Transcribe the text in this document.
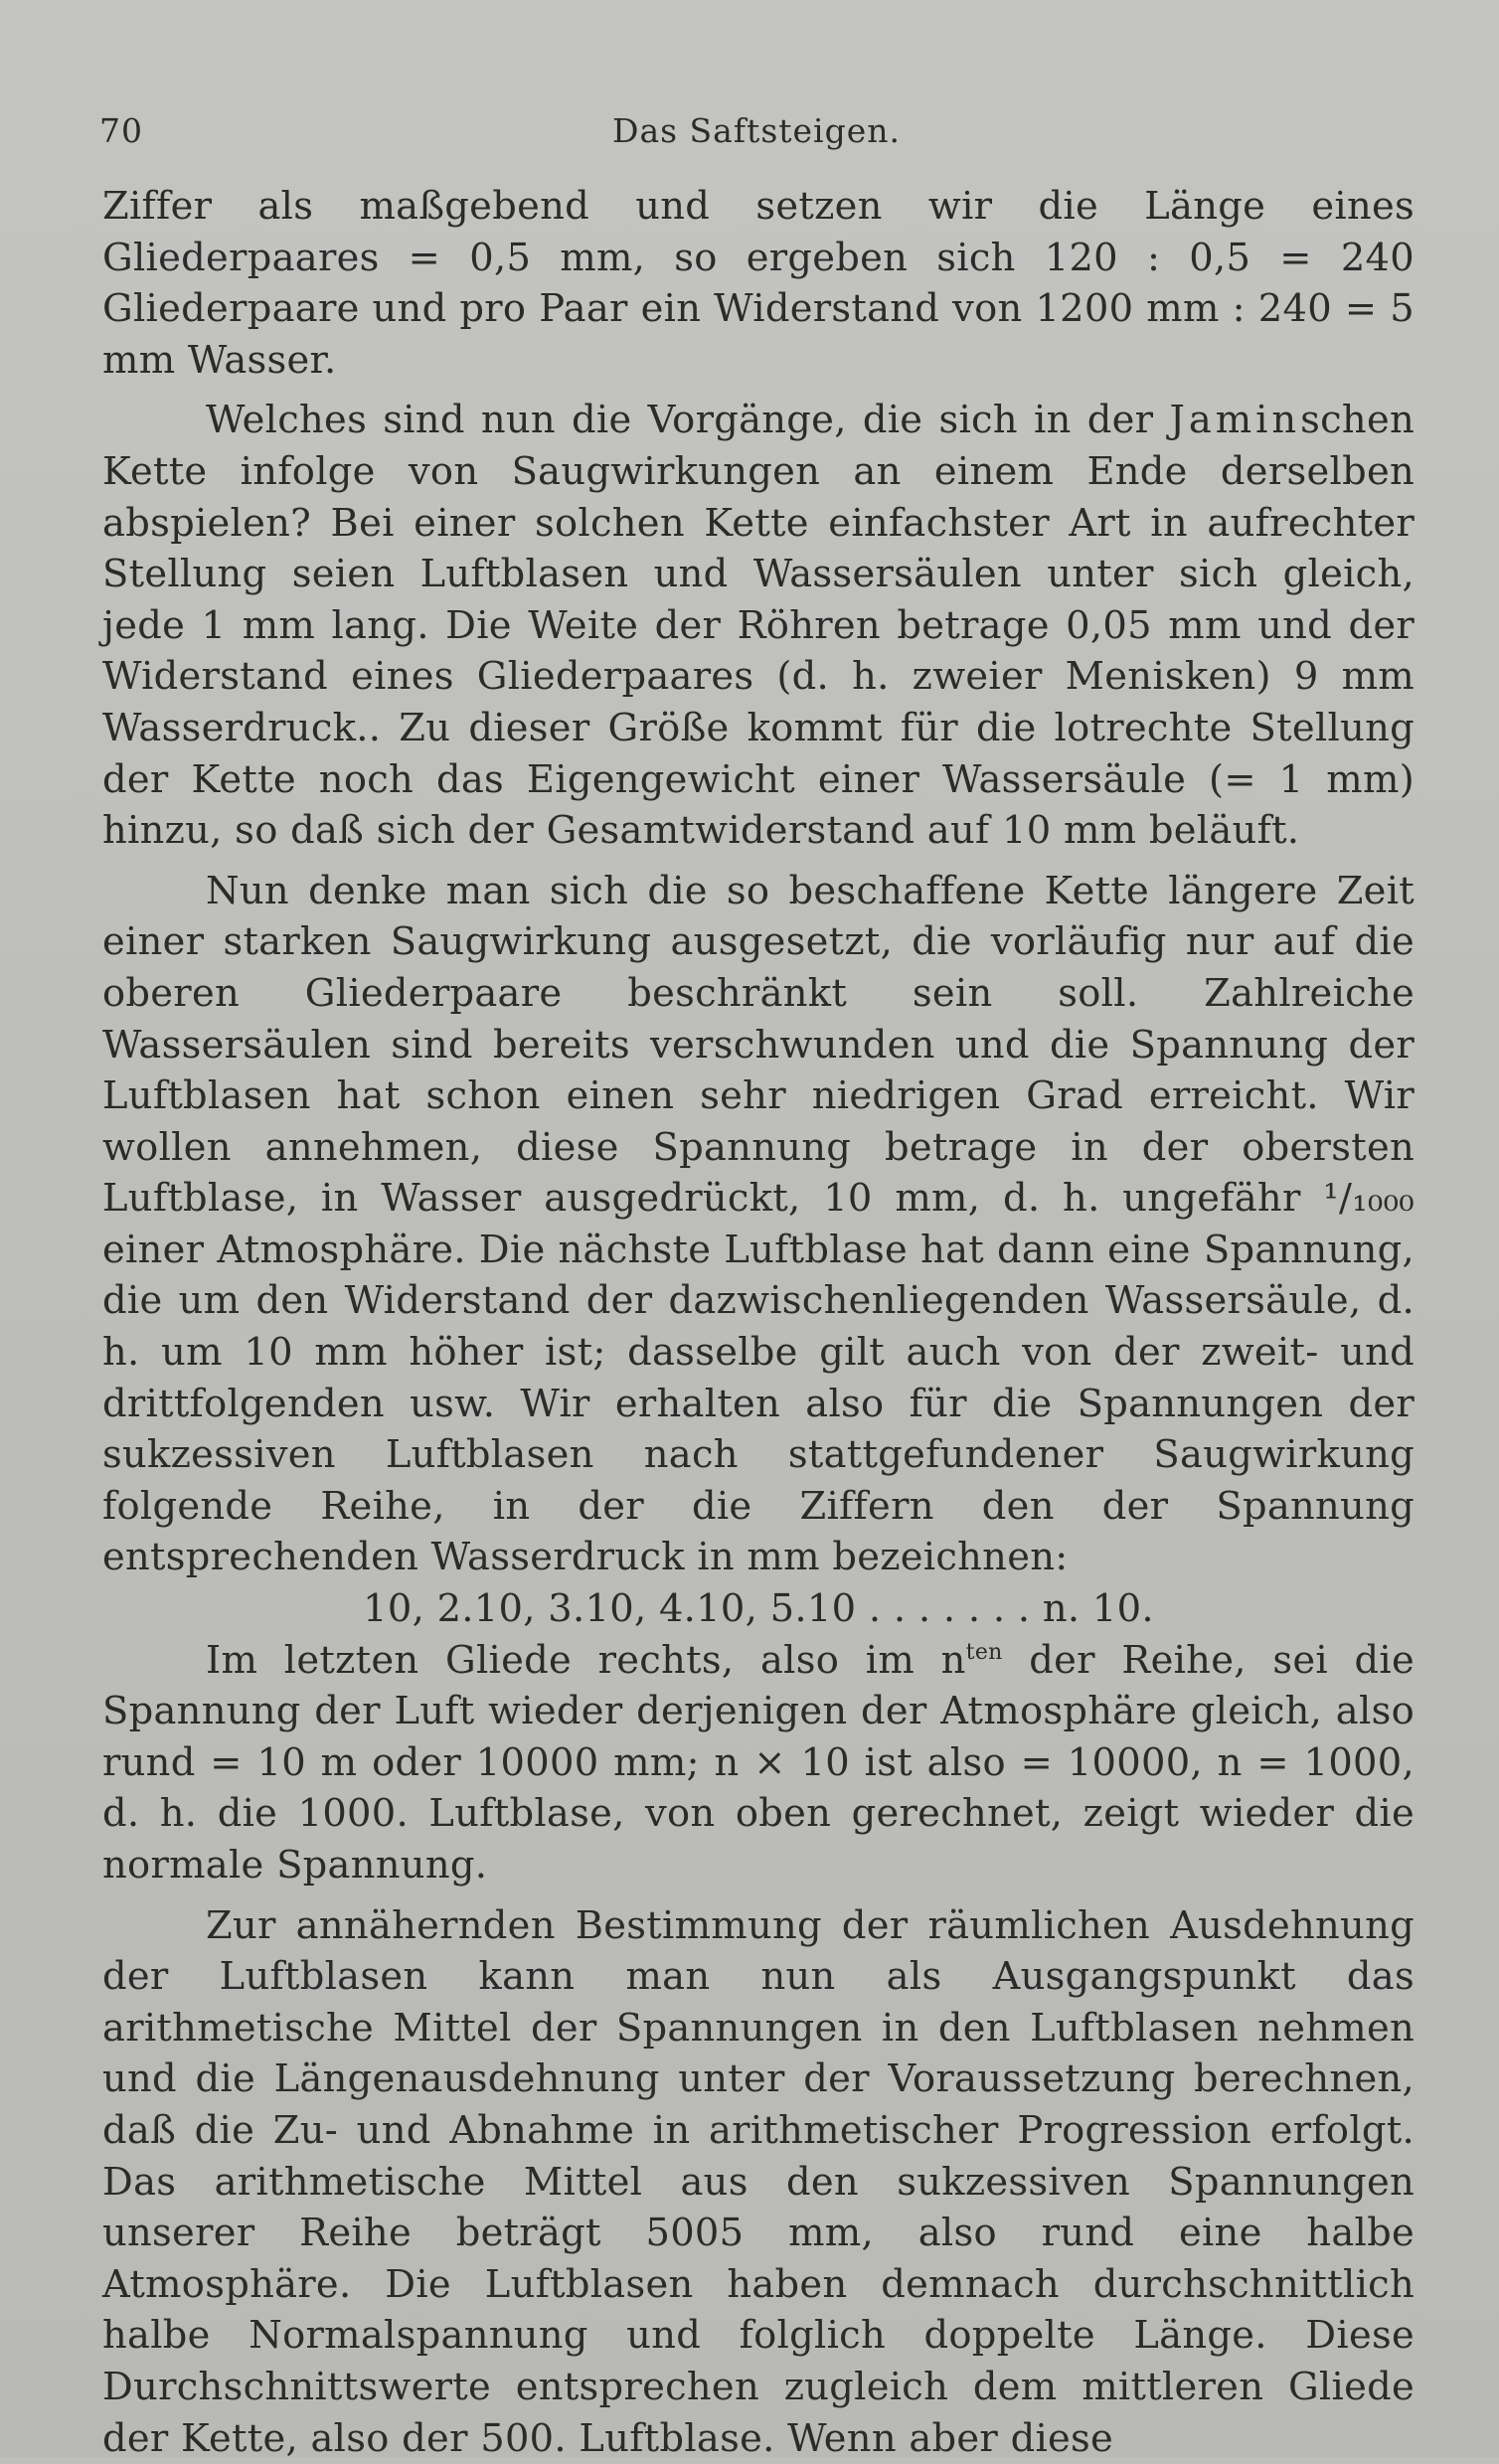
70	Das Saftsteigen.

Ziffer als maßgebend und setzen wir die Länge eines Gliederpaares = 0,5 mm, so ergeben sich 120 : 0,5 = 240 Gliederpaare und pro Paar ein Widerstand von 1200 mm : 240 = 5 mm Wasser.

Welches sind nun die Vorgänge, die sich in der Jaminschen Kette infolge von Saugwirkungen an einem Ende derselben abspielen? Bei einer solchen Kette einfachster Art in aufrechter Stellung seien Luftblasen und Wassersäulen unter sich gleich, jede 1 mm lang. Die Weite der Röhren betrage 0,05 mm und der Widerstand eines Gliederpaares (d. h. zweier Menisken) 9 mm Wasserdruck.. Zu dieser Größe kommt für die lotrechte Stellung der Kette noch das Eigengewicht einer Wassersäule (= 1 mm) hinzu, so daß sich der Gesamtwiderstand auf 10 mm beläuft.

Nun denke man sich die so beschaffene Kette längere Zeit einer starken Saugwirkung ausgesetzt, die vorläufig nur auf die oberen Gliederpaare beschränkt sein soll. Zahlreiche Wassersäulen sind bereits verschwunden und die Spannung der Luftblasen hat schon einen sehr niedrigen Grad erreicht. Wir wollen annehmen, diese Spannung betrage in der obersten Luftblase, in Wasser ausgedrückt, 10 mm, d. h. ungefähr ¹/₁₀₀₀ einer Atmosphäre. Die nächste Luftblase hat dann eine Spannung, die um den Widerstand der dazwischenliegenden Wassersäule, d. h. um 10 mm höher ist; dasselbe gilt auch von der zweit- und drittfolgenden usw. Wir erhalten also für die Spannungen der sukzessiven Luftblasen nach stattgefundener Saugwirkung folgende Reihe, in der die Ziffern den der Spannung entsprechenden Wasserdruck in mm bezeichnen:

10, 2.10, 3.10, 4.10, 5.10 . . . . . . . n. 10.

Im letzten Gliede rechts, also im $n^{ten}$ der Reihe, sei die Spannung der Luft wieder derjenigen der Atmosphäre gleich, also rund = 10 m oder 10000 mm; n × 10 ist also = 10000, n = 1000, d. h. die 1000. Luftblase, von oben gerechnet, zeigt wieder die normale Spannung.

Zur annähernden Bestimmung der räumlichen Ausdehnung der Luftblasen kann man nun als Ausgangspunkt das arithmetische Mittel der Spannungen in den Luftblasen nehmen und die Längenausdehnung unter der Voraussetzung berechnen, daß die Zu- und Abnahme in arithmetischer Progression erfolgt. Das arithmetische Mittel aus den sukzessiven Spannungen unserer Reihe beträgt 5005 mm, also rund eine halbe Atmosphäre. Die Luftblasen haben demnach durchschnittlich halbe Normalspannung und folglich doppelte Länge. Diese Durchschnittswerte entsprechen zugleich dem mittleren Gliede der Kette, also der 500. Luftblase. Wenn aber diese
